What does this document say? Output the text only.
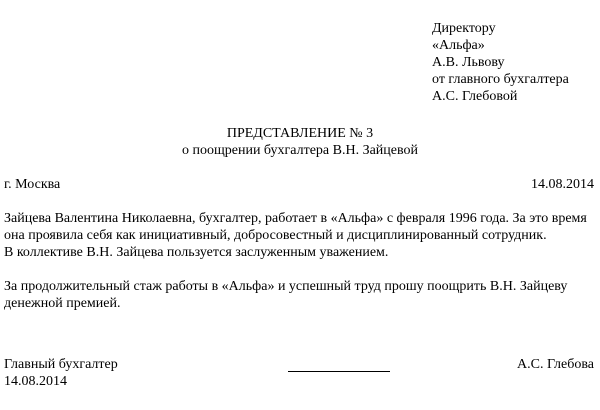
Директору
«Альфа»
А.В. Львову
от главного бухгалтера
А.С. Глебовой
ПРЕДСТАВЛЕНИЕ № 3
о поощрении бухгалтера В.Н. Зайцевой
г. Москва	14.08.2014

Зайцева Валентина Николаевна, бухгалтер, работает в «Альфа» с февраля 1996 года. За это время она проявила себя как инициативный, добросовестный и дисциплинированный сотрудник.

В коллективе В.Н. Зайцева пользуется заслуженным уважением.

За продолжительный стаж работы в «Альфа» и успешный труд прошу поощрить В.Н. Зайцеву денежной премией.

Главный бухгалтер
14.08.2014
А.С. Глебова
